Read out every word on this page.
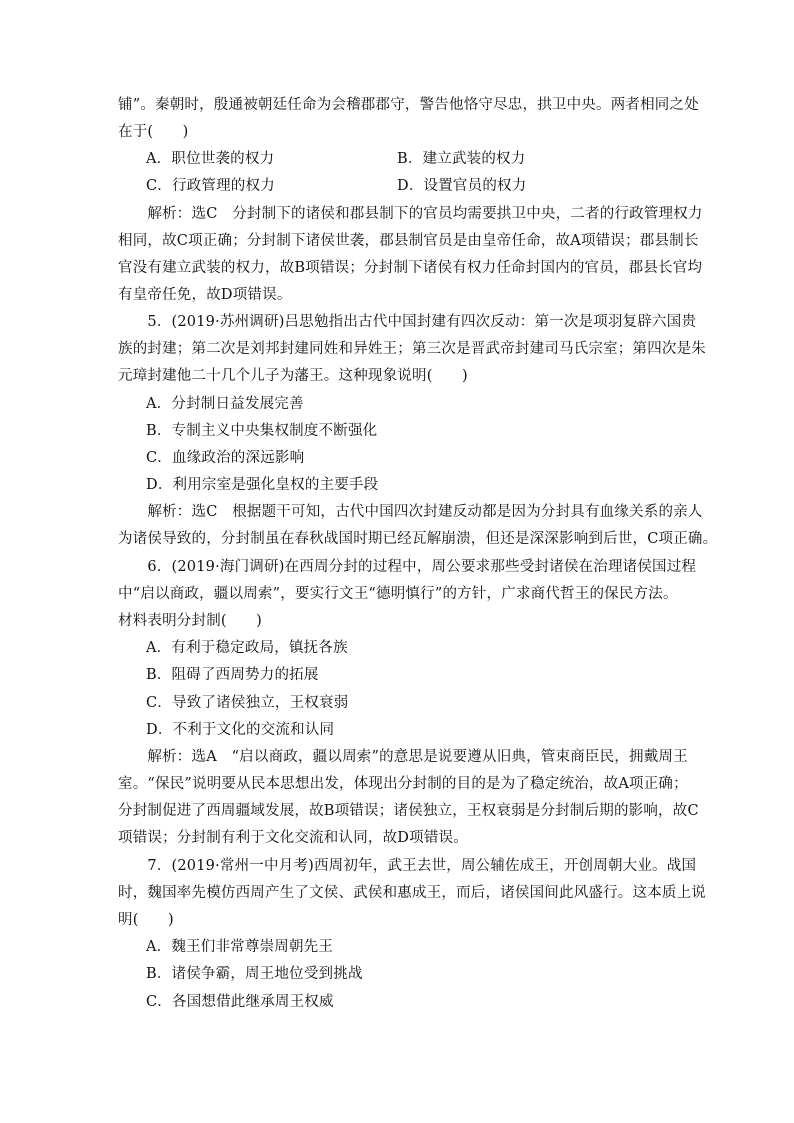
铺”。秦朝时，殷通被朝廷任命为会稽郡郡守，警告他恪守尽忠，拱卫中央。两者相同之处
在于(　　)
A．职位世袭的权力	B．建立武装的权力
C．行政管理的权力	D．设置官员的权力
　　解析：选C　分封制下的诸侯和郡县制下的官员均需要拱卫中央，二者的行政管理权力
相同，故C项正确；分封制下诸侯世袭，郡县制官员是由皇帝任命，故A项错误；郡县制长
官没有建立武装的权力，故B项错误；分封制下诸侯有权力任命封国内的官员，郡县长官均
有皇帝任免，故D项错误。
　　5．(2019·苏州调研)吕思勉指出古代中国封建有四次反动：第一次是项羽复辟六国贵
族的封建；第二次是刘邦封建同姓和异姓王；第三次是晋武帝封建司马氏宗室；第四次是朱
元璋封建他二十几个儿子为藩王。这种现象说明(　　)
A．分封制日益发展完善
B．专制主义中央集权制度不断强化
C．血缘政治的深远影响
D．利用宗室是强化皇权的主要手段
　　解析：选C　根据题干可知，古代中国四次封建反动都是因为分封具有血缘关系的亲人
为诸侯导致的，分封制虽在春秋战国时期已经瓦解崩溃，但还是深深影响到后世，C项正确。
　　6．(2019·海门调研)在西周分封的过程中，周公要求那些受封诸侯在治理诸侯国过程
中“启以商政，疆以周索”，要实行文王“德明慎行”的方针，广求商代哲王的保民方法。
材料表明分封制(　　)
A．有利于稳定政局，镇抚各族
B．阻碍了西周势力的拓展
C．导致了诸侯独立，王权衰弱
D．不利于文化的交流和认同
　　解析：选A　“启以商政，疆以周索”的意思是说要遵从旧典，管束商臣民，拥戴周王
室。“保民”说明要从民本思想出发，体现出分封制的目的是为了稳定统治，故A项正确；
分封制促进了西周疆域发展，故B项错误；诸侯独立，王权衰弱是分封制后期的影响，故C
项错误；分封制有利于文化交流和认同，故D项错误。
　　7．(2019·常州一中月考)西周初年，武王去世，周公辅佐成王，开创周朝大业。战国
时，魏国率先模仿西周产生了文侯、武侯和惠成王，而后，诸侯国间此风盛行。这本质上说
明(　　)
A．魏王们非常尊崇周朝先王
B．诸侯争霸，周王地位受到挑战
C．各国想借此继承周王权威
